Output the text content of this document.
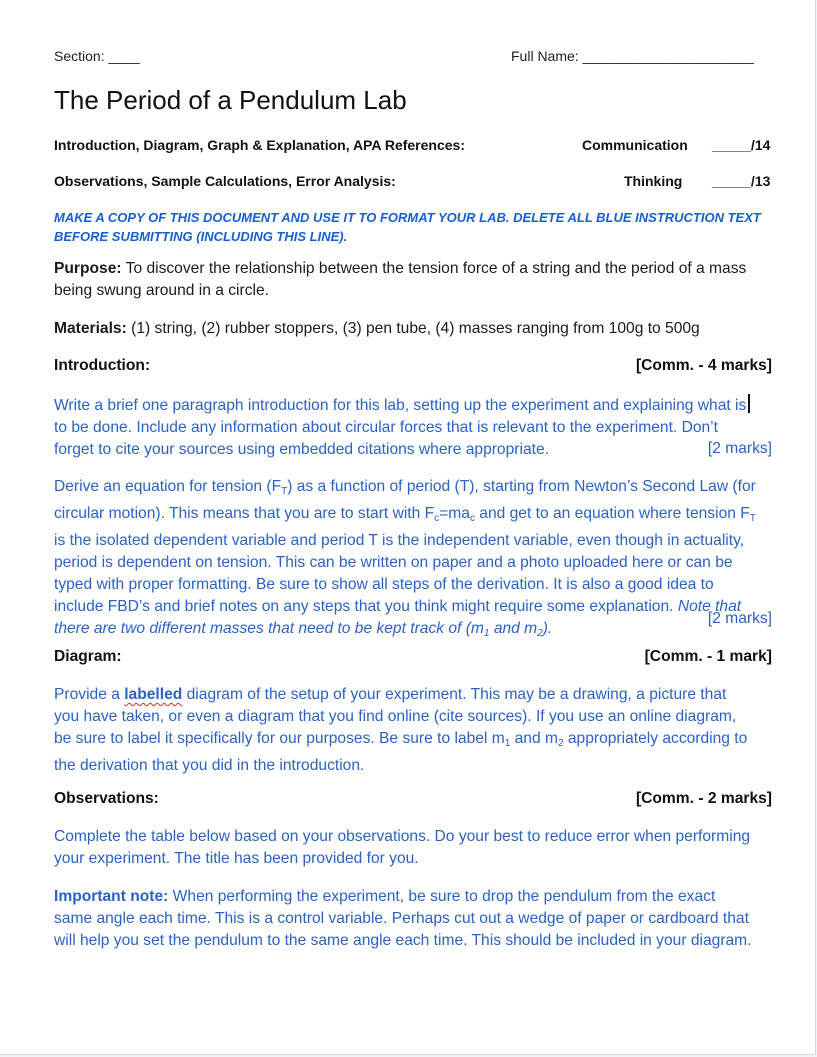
Section: ____	Full Name: ______________________
The Period of a Pendulum Lab
Introduction, Diagram, Graph & Explanation, APA References:	Communication _____/14
Observations, Sample Calculations, Error Analysis:	Thinking _____/13
MAKE A COPY OF THIS DOCUMENT AND USE IT TO FORMAT YOUR LAB. DELETE ALL BLUE INSTRUCTION TEXT BEFORE SUBMITTING (INCLUDING THIS LINE).
Purpose: To discover the relationship between the tension force of a string and the period of a mass
being swung around in a circle.
Materials: (1) string, (2) rubber stoppers, (3) pen tube, (4) masses ranging from 100g to 500g
Introduction:	[Comm. - 4 marks]
Write a brief one paragraph introduction for this lab, setting up the experiment and explaining what is
to be done. Include any information about circular forces that is relevant to the experiment. Don’t
forget to cite your sources using embedded citations where appropriate.	[2 marks]
Derive an equation for tension $(F_T)$ as a function of period (T), starting from Newton’s Second Law (for
circular motion). This means that you are to start with $F_c=ma_c$ and get to an equation where tension $F_T$
is the isolated dependent variable and period T is the independent variable, even though in actuality,
period is dependent on tension. This can be written on paper and a photo uploaded here or can be
typed with proper formatting. Be sure to show all steps of the derivation. It is also a good idea to
include FBD’s and brief notes on any steps that you think might require some explanation. Note that
there are two different masses that need to be kept track of ($m_1$ and $m_2$).
[2 marks]
Diagram:	[Comm. - 1 mark]
Provide a labelled diagram of the setup of your experiment. This may be a drawing, a picture that
you have taken, or even a diagram that you find online (cite sources). If you use an online diagram,
be sure to label it specifically for our purposes. Be sure to label $m_1$ and $m_2$ appropriately according to
the derivation that you did in the introduction.
Observations:	[Comm. - 2 marks]
Complete the table below based on your observations. Do your best to reduce error when performing
your experiment. The title has been provided for you.
Important note: When performing the experiment, be sure to drop the pendulum from the exact
same angle each time. This is a control variable. Perhaps cut out a wedge of paper or cardboard that
will help you set the pendulum to the same angle each time. This should be included in your diagram.
